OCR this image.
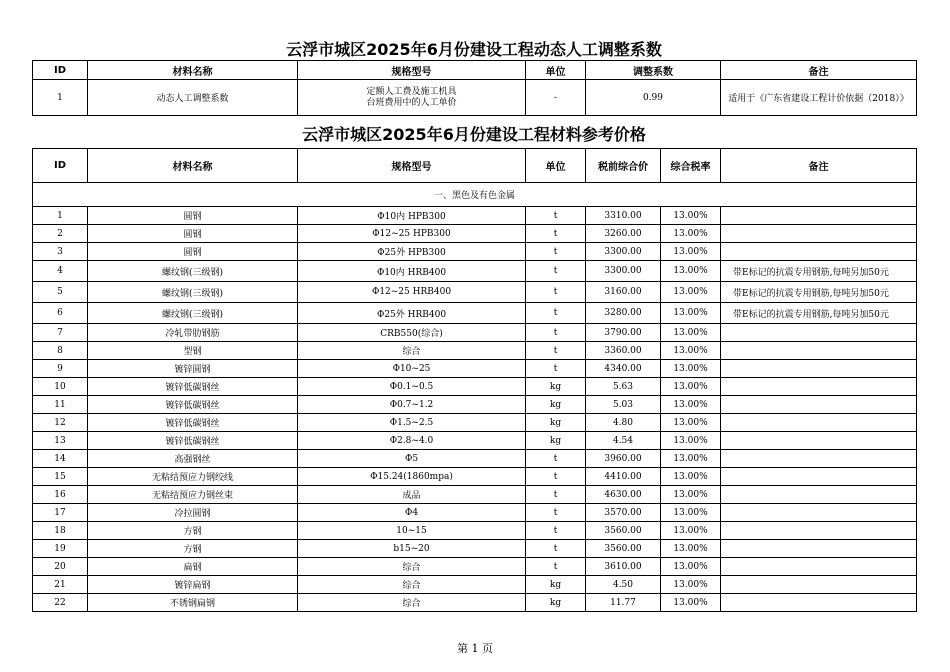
云浮市城区2025年6月份建设工程动态人工调整系数
ID	材料名称	规格型号	单位	调整系数	备注
1	动态人工调整系数	定额人工费及施工机具
台班费用中的人工单价	-	0.99	适用于《广东省建设工程计价依据（2018）》
云浮市城区2025年6月份建设工程材料参考价格
ID	材料名称	规格型号	单位	税前综合价	综合税率	备注
一、黑色及有色金属						
1	圆钢	Φ10内 HPB300	t	3310.00	13.00%	
2	圆钢	Φ12~25 HPB300	t	3260.00	13.00%	
3	圆钢	Φ25外 HPB300	t	3300.00	13.00%	
4	螺纹钢(三级钢)	Φ10内 HRB400	t	3300.00	13.00%	带E标记的抗震专用钢筋,每吨另加50元
5	螺纹钢(三级钢)	Φ12~25 HRB400	t	3160.00	13.00%	带E标记的抗震专用钢筋,每吨另加50元
6	螺纹钢(三级钢)	Φ25外 HRB400	t	3280.00	13.00%	带E标记的抗震专用钢筋,每吨另加50元
7	冷轧带肋钢筋	CRB550(综合)	t	3790.00	13.00%	
8	型钢	综合	t	3360.00	13.00%	
9	镀锌圆钢	Φ10~25	t	4340.00	13.00%	
10	镀锌低碳钢丝	Φ0.1~0.5	kg	5.63	13.00%	
11	镀锌低碳钢丝	Φ0.7~1.2	kg	5.03	13.00%	
12	镀锌低碳钢丝	Φ1.5~2.5	kg	4.80	13.00%	
13	镀锌低碳钢丝	Φ2.8~4.0	kg	4.54	13.00%	
14	高强钢丝	Φ5	t	3960.00	13.00%	
15	无粘结预应力钢绞线	Φ15.24(1860mpa)	t	4410.00	13.00%	
16	无粘结预应力钢丝束	成品	t	4630.00	13.00%	
17	冷拉圆钢	Φ4	t	3570.00	13.00%	
18	方钢	10~15	t	3560.00	13.00%	
19	方钢	b15~20	t	3560.00	13.00%	
20	扁钢	综合	t	3610.00	13.00%	
21	镀锌扁钢	综合	kg	4.50	13.00%	
22	不锈钢扁钢	综合	kg	11.77	13.00%	
第 1 页
